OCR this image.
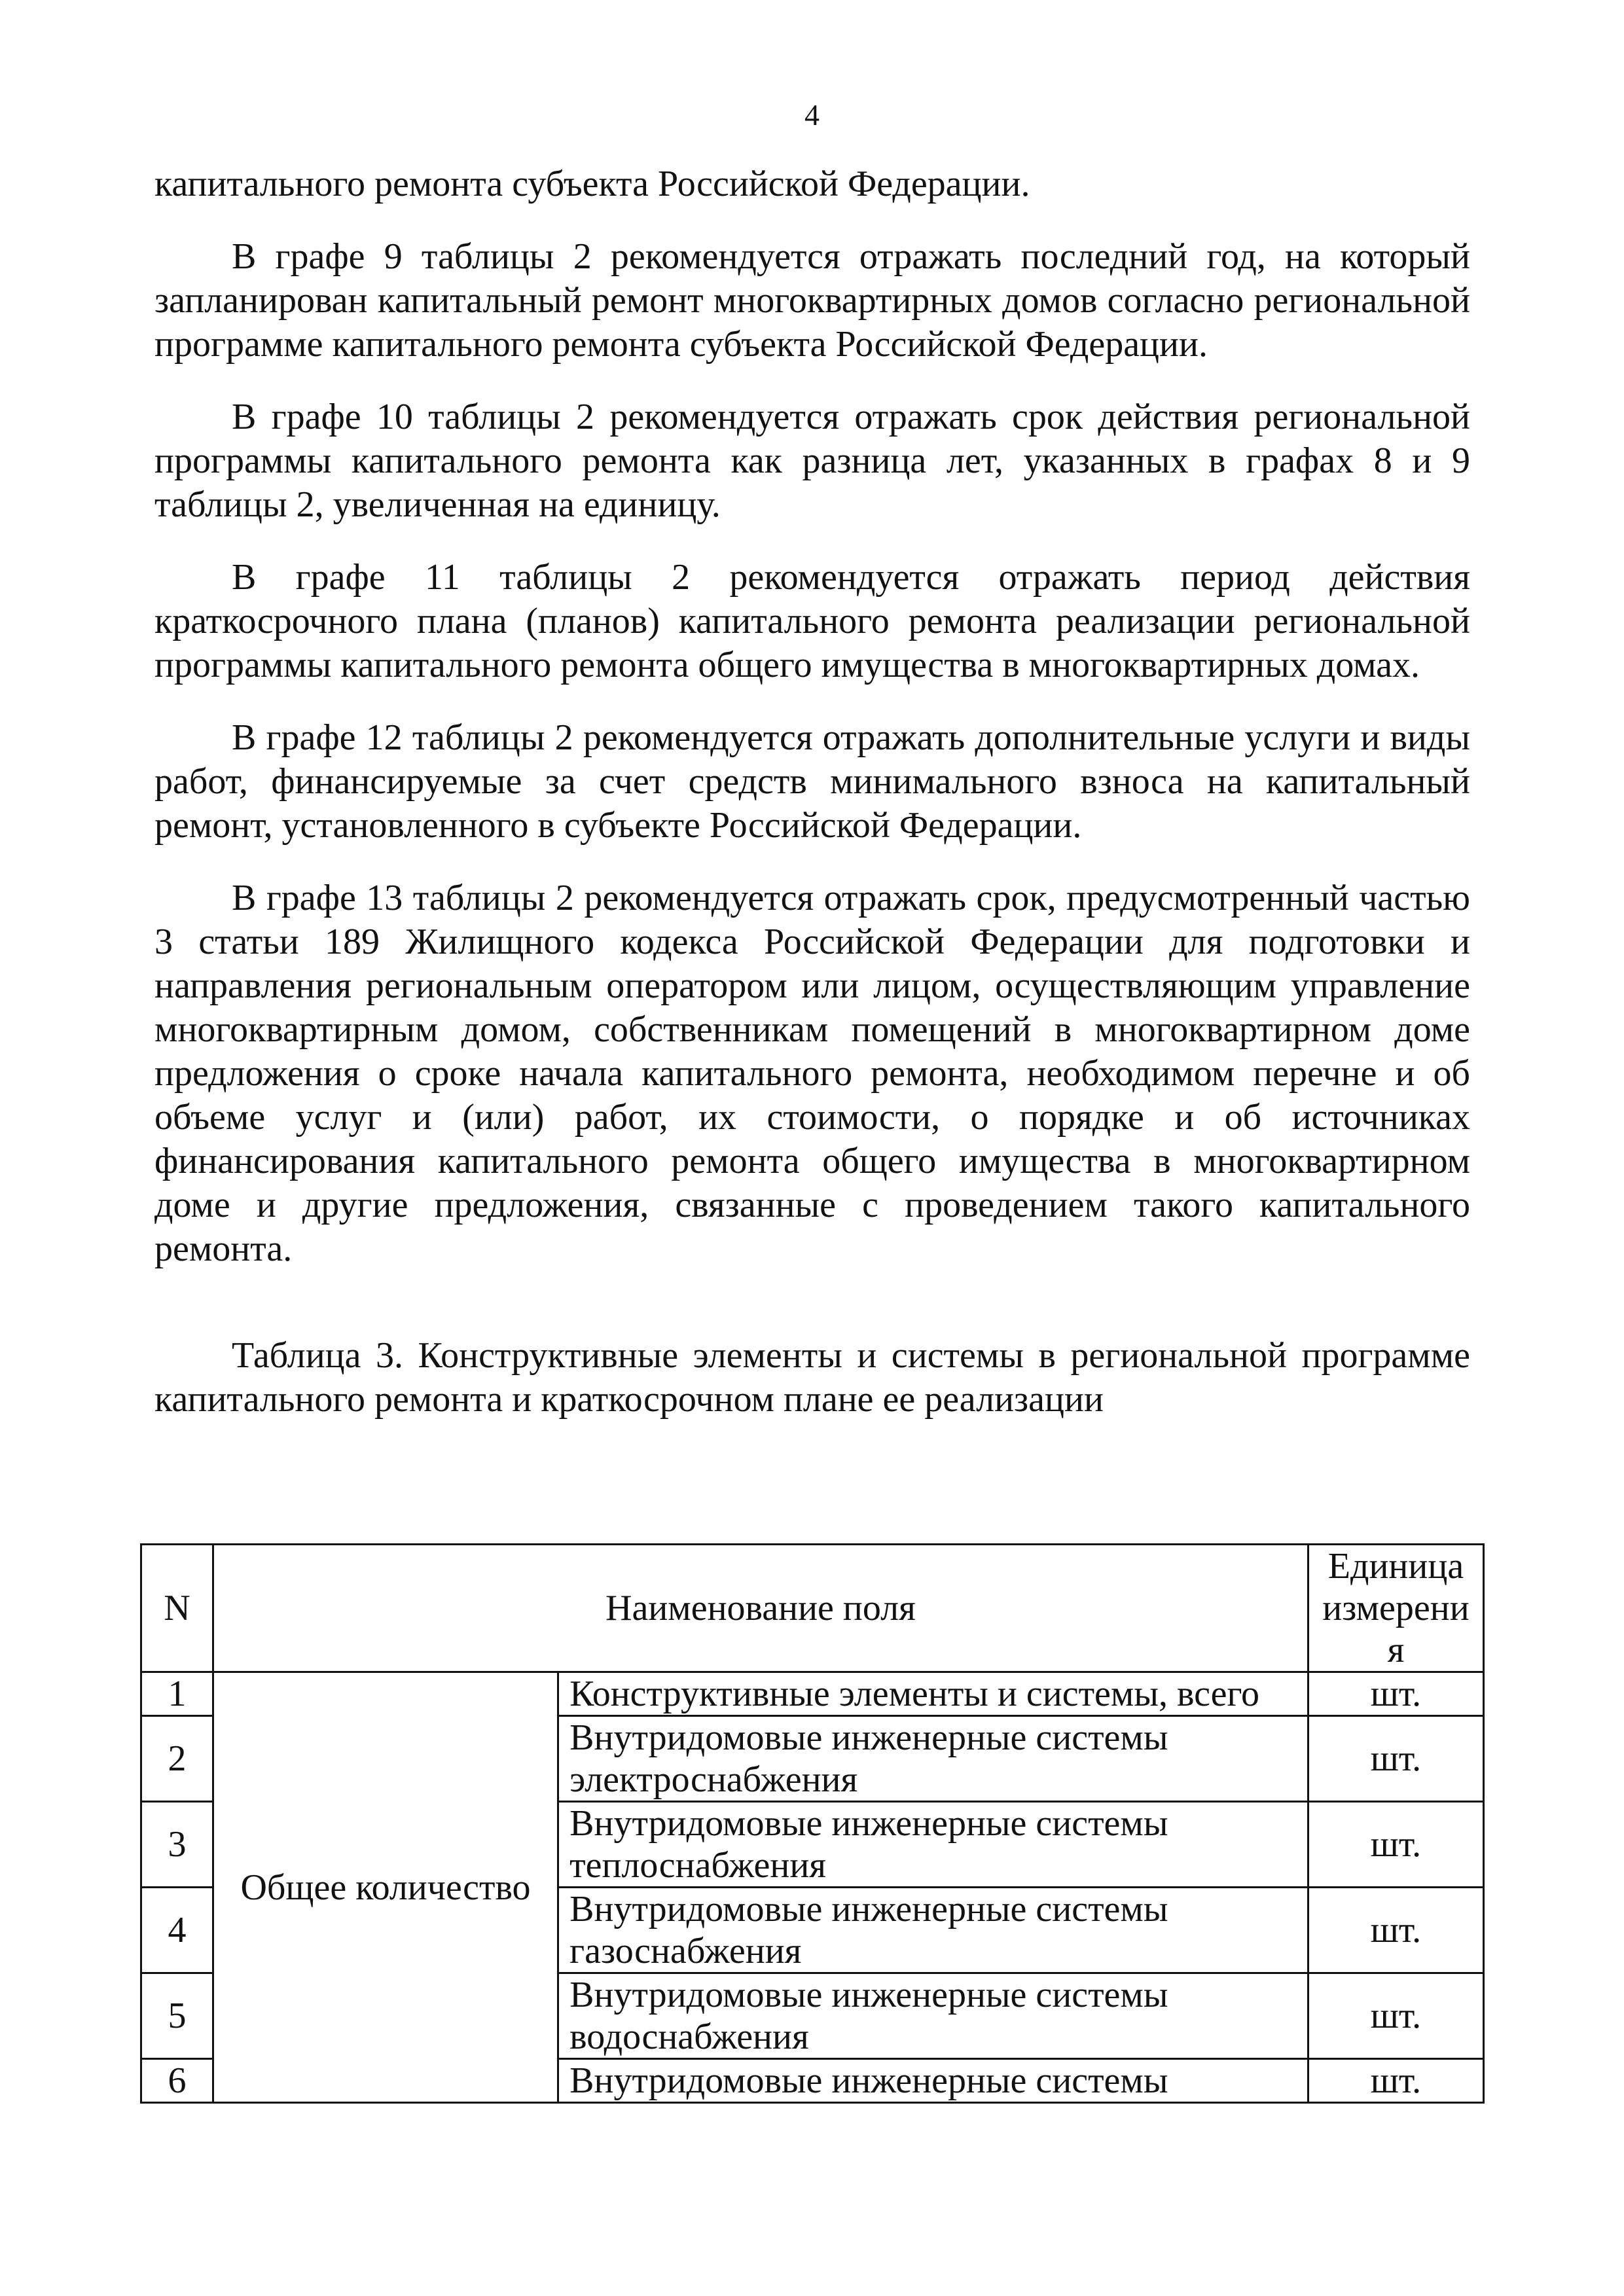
4

капитального ремонта субъекта Российской Федерации.

В графе 9 таблицы 2 рекомендуется отражать последний год, на который запланирован капитальный ремонт многоквартирных домов согласно региональной программе капитального ремонта субъекта Российской Федерации.

В графе 10 таблицы 2 рекомендуется отражать срок действия региональной программы капитального ремонта как разница лет, указанных в графах 8 и 9 таблицы 2, увеличенная на единицу.

В графе 11 таблицы 2 рекомендуется отражать период действия краткосрочного плана (планов) капитального ремонта реализации региональной программы капитального ремонта общего имущества в многоквартирных домах.

В графе 12 таблицы 2 рекомендуется отражать дополнительные услуги и виды работ, финансируемые за счет средств минимального взноса на капитальный ремонт, установленного в субъекте Российской Федерации.

В графе 13 таблицы 2 рекомендуется отражать срок, предусмотренный частью 3 статьи 189 Жилищного кодекса Российской Федерации для подготовки и направления региональным оператором или лицом, осуществляющим управление многоквартирным домом, собственникам помещений в многоквартирном доме предложения о сроке начала капитального ремонта, необходимом перечне и об объеме услуг и (или) работ, их стоимости, о порядке и об источниках финансирования капитального ремонта общего имущества в многоквартирном доме и другие предложения, связанные с проведением такого капитального ремонта.

Таблица 3. Конструктивные элементы и системы в региональной программе капитального ремонта и краткосрочном плане ее реализации

N	Наименование поля		Единица измерени я
1	Общее количество	Конструктивные элементы и системы, всего	шт.
2		Внутридомовые инженерные системы электроснабжения	шт.
3		Внутридомовые инженерные системы теплоснабжения	шт.
4		Внутридомовые инженерные системы газоснабжения	шт.
5		Внутридомовые инженерные системы водоснабжения	шт.
6		Внутридомовые инженерные системы	шт.
